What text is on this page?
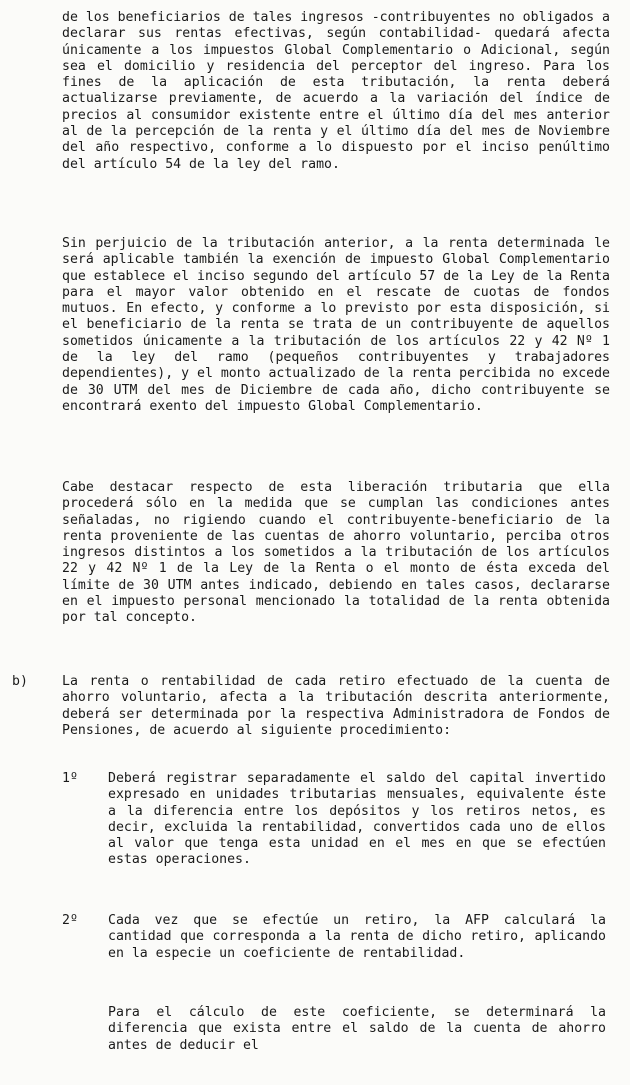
de los beneficiarios de tales ingresos -contribuyentes no obligados a declarar sus rentas efectivas, según contabilidad- quedará afecta únicamente a los impuestos Global Complementario o Adicional, según sea el domicilio y residencia del perceptor del ingreso. Para los fines de la aplicación de esta tributación, la renta deberá actualizarse previamente, de acuerdo a la variación del índice de precios al consumidor existente entre el último día del mes anterior al de la percepción de la renta y el último día del mes de Noviembre del año respectivo, conforme a lo dispuesto por el inciso penúltimo del artículo 54 de la ley del ramo.

Sin perjuicio de la tributación anterior, a la renta determinada le será aplicable también la exención de impuesto Global Complementario que establece el inciso segundo del artículo 57 de la Ley de la Renta para el mayor valor obtenido en el rescate de cuotas de fondos mutuos. En efecto, y conforme a lo previsto por esta disposición, si el beneficiario de la renta se trata de un contribuyente de aquellos sometidos únicamente a la tributación de los artículos 22 y 42 Nº 1 de la ley del ramo (pequeños contribuyentes y trabajadores dependientes), y el monto actualizado de la renta percibida no excede de 30 UTM del mes de Diciembre de cada año, dicho contribuyente se encontrará exento del impuesto Global Complementario.

Cabe destacar respecto de esta liberación tributaria que ella procederá sólo en la medida que se cumplan las condiciones antes señaladas, no rigiendo cuando el contribuyente-beneficiario de la renta proveniente de las cuentas de ahorro voluntario, perciba otros ingresos distintos a los sometidos a la tributación de los artículos 22 y 42 Nº 1 de la Ley de la Renta o el monto de ésta exceda del límite de 30 UTM antes indicado, debiendo en tales casos, declararse en el impuesto personal mencionado la totalidad de la renta obtenida por tal concepto.

b)	La renta o rentabilidad de cada retiro efectuado de la cuenta de ahorro voluntario, afecta a la tributación descrita anteriormente, deberá ser determinada por la respectiva Administradora de Fondos de Pensiones, de acuerdo al siguiente procedimiento:

1º Deberá registrar separadamente el saldo del capital invertido expresado en unidades tributarias mensuales, equivalente éste a la diferencia entre los depósitos y los retiros netos, es decir, excluida la rentabilidad, convertidos cada uno de ellos al valor que tenga esta unidad en el mes en que se efectúen estas operaciones.

2º Cada vez que se efectúe un retiro, la AFP calculará la cantidad que corresponda a la renta de dicho retiro, aplicando en la especie un coeficiente de rentabilidad.

Para el cálculo de este coeficiente, se determinará la diferencia que exista entre el saldo de la cuenta de ahorro antes de deducir el
